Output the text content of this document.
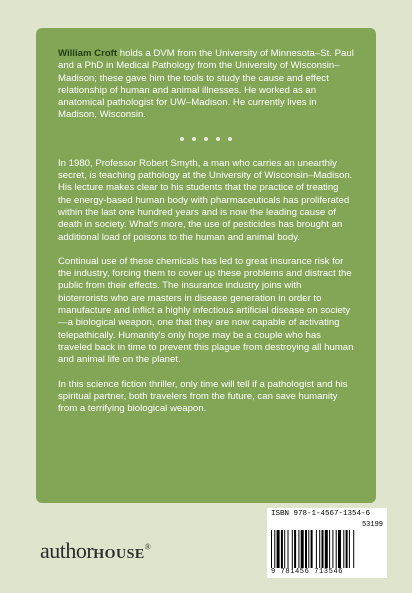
William Croft holds a DVM from the University of Minnesota–St. Paul and a PhD in Medical Pathology from the University of Wisconsin–Madison; these gave him the tools to study the cause and effect relationship of human and animal illnesses. He worked as an anatomical pathologist for UW–Madison. He currently lives in Madison, Wisconsin.

In 1980, Professor Robert Smyth, a man who carries an unearthly secret, is teaching pathology at the University of Wisconsin–Madison. His lecture makes clear to his students that the practice of treating the energy-based human body with pharmaceuticals has proliferated within the last one hundred years and is now the leading cause of death in society. What's more, the use of pesticides has brought an additional load of poisons to the human and animal body.

Continual use of these chemicals has led to great insurance risk for the industry, forcing them to cover up these problems and distract the public from their effects. The insurance industry joins with bioterrorists who are masters in disease generation in order to manufacture and inflict a highly infectious artificial disease on society—a biological weapon, one that they are now capable of activating telepathically. Humanity's only hope may be a couple who has traveled back in time to prevent this plague from destroying all human and animal life on the planet.

In this science fiction thriller, only time will tell if a pathologist and his spiritual partner, both travelers from the future, can save humanity from a terrifying biological weapon.

authorHOUSE®
ISBN 978-1-4567-1354-6
53199
9 781456 713546
